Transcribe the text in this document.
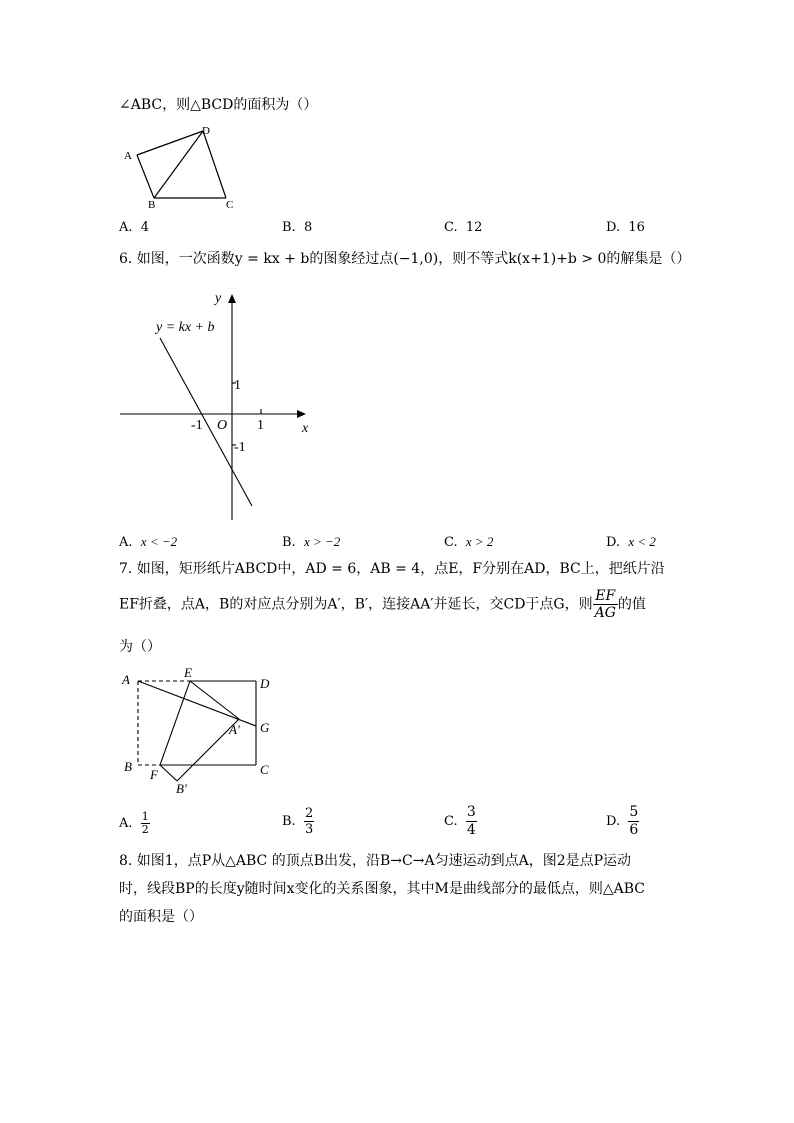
∠ABC，则△BCD的面积为（）
A
D
B	C
A. 4	B. 8	C. 12	D. 16
6. 如图，一次函数y = kx + b的图象经过点(−1,0)，则不等式k(x+1)+b > 0的解集是（）
y
x
O
y = kx + b
1
-1
1
-1
A. x < −2	B. x > −2	C. x > 2	D. x < 2
7. 如图，矩形纸片ABCD中，AD = 6，AB = 4，点E，F分别在AD，BC上，把纸片沿
EF折叠，点A，B的对应点分别为A′，B′，连接AA′并延长，交CD于点G，则 $\frac{EF}{AG}$ 的值
为（）
A	E
D
G
A′
B
F	C
B′
A. $\frac{1}{2}$	B. $\frac{2}{3}$	C. $\frac{3}{4}$	D. $\frac{5}{6}$
8. 如图1，点P从△ABC 的顶点B出发，沿B→C→A匀速运动到点A，图2是点P运动
时，线段BP的长度y随时间x变化的关系图象，其中M是曲线部分的最低点，则△ABC
的面积是（）
